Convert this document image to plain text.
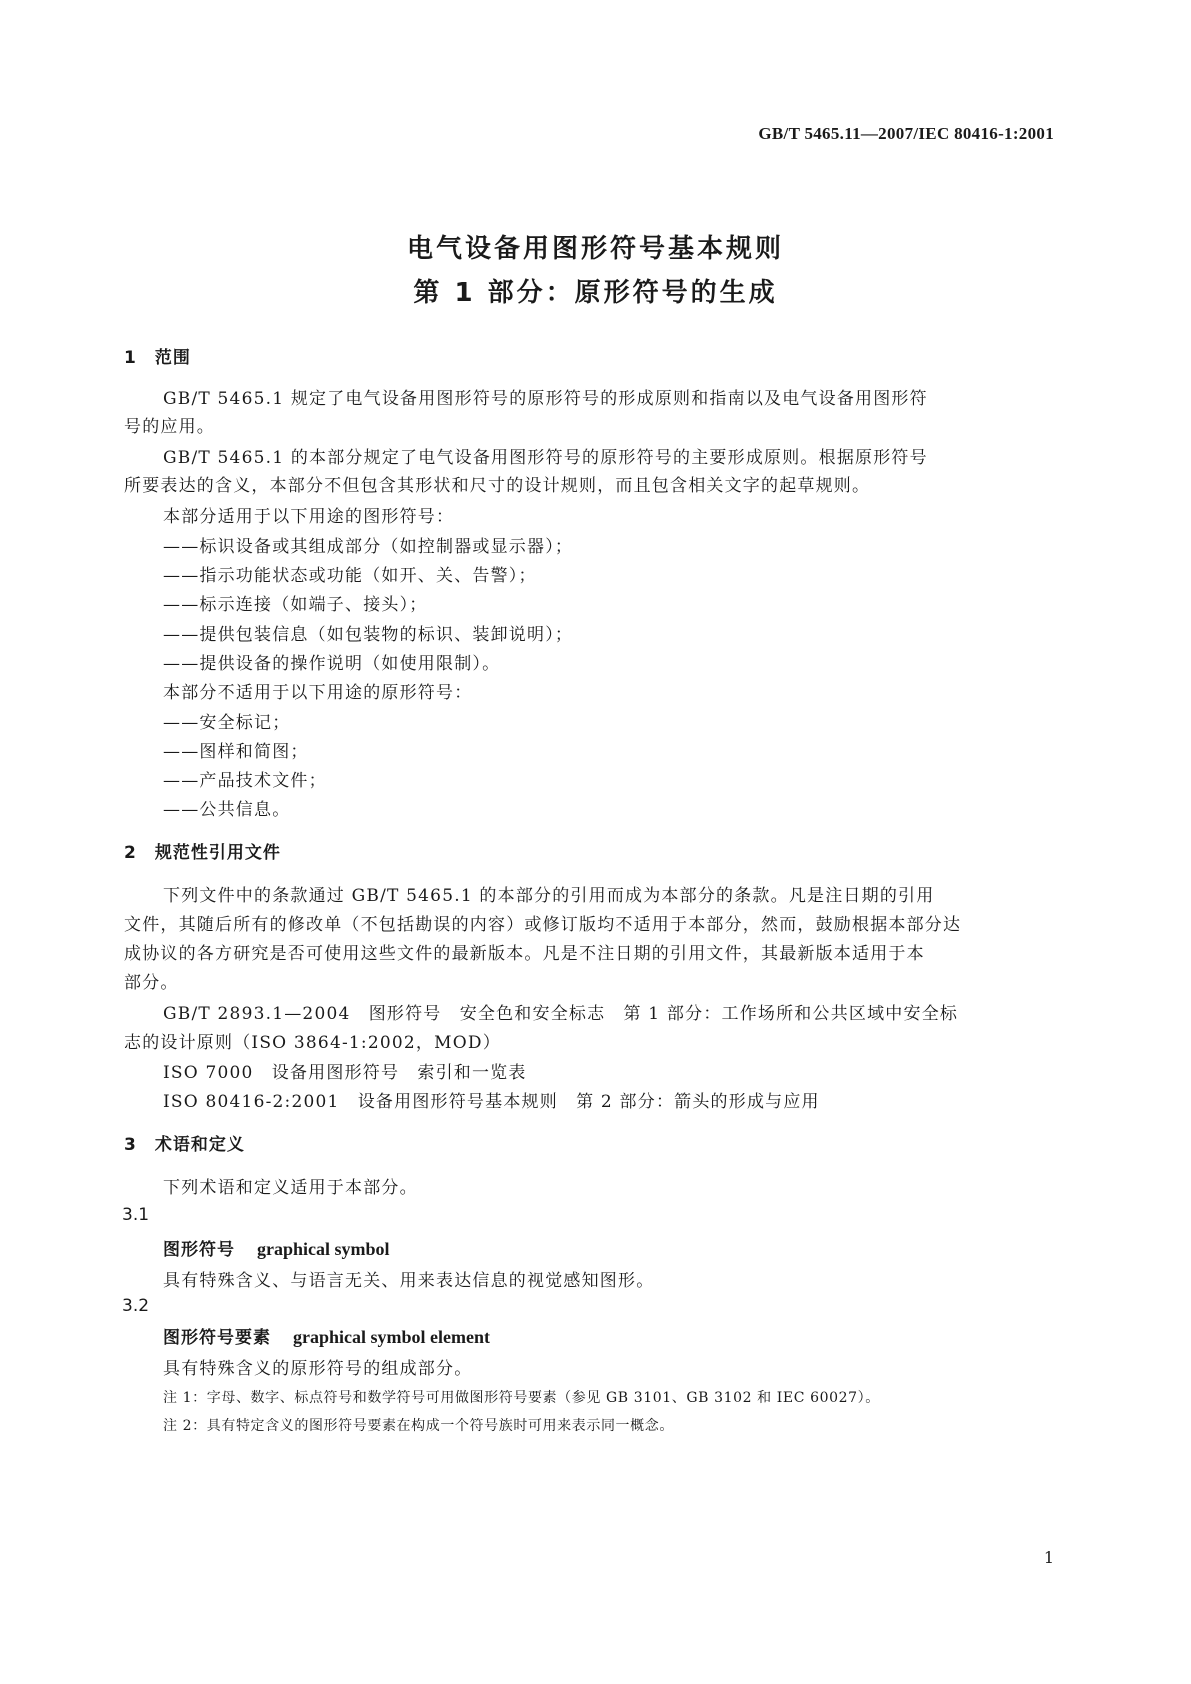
GB/T 5465.11—2007/IEC 80416-1:2001
电气设备用图形符号基本规则
第 1 部分：原形符号的生成
1　范围
GB/T 5465.1 规定了电气设备用图形符号的原形符号的形成原则和指南以及电气设备用图形符
号的应用。
GB/T 5465.1 的本部分规定了电气设备用图形符号的原形符号的主要形成原则。根据原形符号
所要表达的含义，本部分不但包含其形状和尺寸的设计规则，而且包含相关文字的起草规则。
本部分适用于以下用途的图形符号：
——标识设备或其组成部分（如控制器或显示器）；
——指示功能状态或功能（如开、关、告警）；
——标示连接（如端子、接头）；
——提供包装信息（如包装物的标识、装卸说明）；
——提供设备的操作说明（如使用限制）。
本部分不适用于以下用途的原形符号：
——安全标记；
——图样和简图；
——产品技术文件；
——公共信息。
2　规范性引用文件
下列文件中的条款通过 GB/T 5465.1 的本部分的引用而成为本部分的条款。凡是注日期的引用
文件，其随后所有的修改单（不包括勘误的内容）或修订版均不适用于本部分，然而，鼓励根据本部分达
成协议的各方研究是否可使用这些文件的最新版本。凡是不注日期的引用文件，其最新版本适用于本
部分。
GB/T 2893.1—2004　图形符号　安全色和安全标志　第 1 部分：工作场所和公共区域中安全标
志的设计原则（ISO 3864-1:2002，MOD）
ISO 7000　设备用图形符号　索引和一览表
ISO 80416-2:2001　设备用图形符号基本规则　第 2 部分：箭头的形成与应用
3　术语和定义
下列术语和定义适用于本部分。
3.1
图形符号 graphical symbol
具有特殊含义、与语言无关、用来表达信息的视觉感知图形。
3.2
图形符号要素 graphical symbol element
具有特殊含义的原形符号的组成部分。
注 1：字母、数字、标点符号和数学符号可用做图形符号要素（参见 GB 3101、GB 3102 和 IEC 60027）。
注 2：具有特定含义的图形符号要素在构成一个符号族时可用来表示同一概念。
1
